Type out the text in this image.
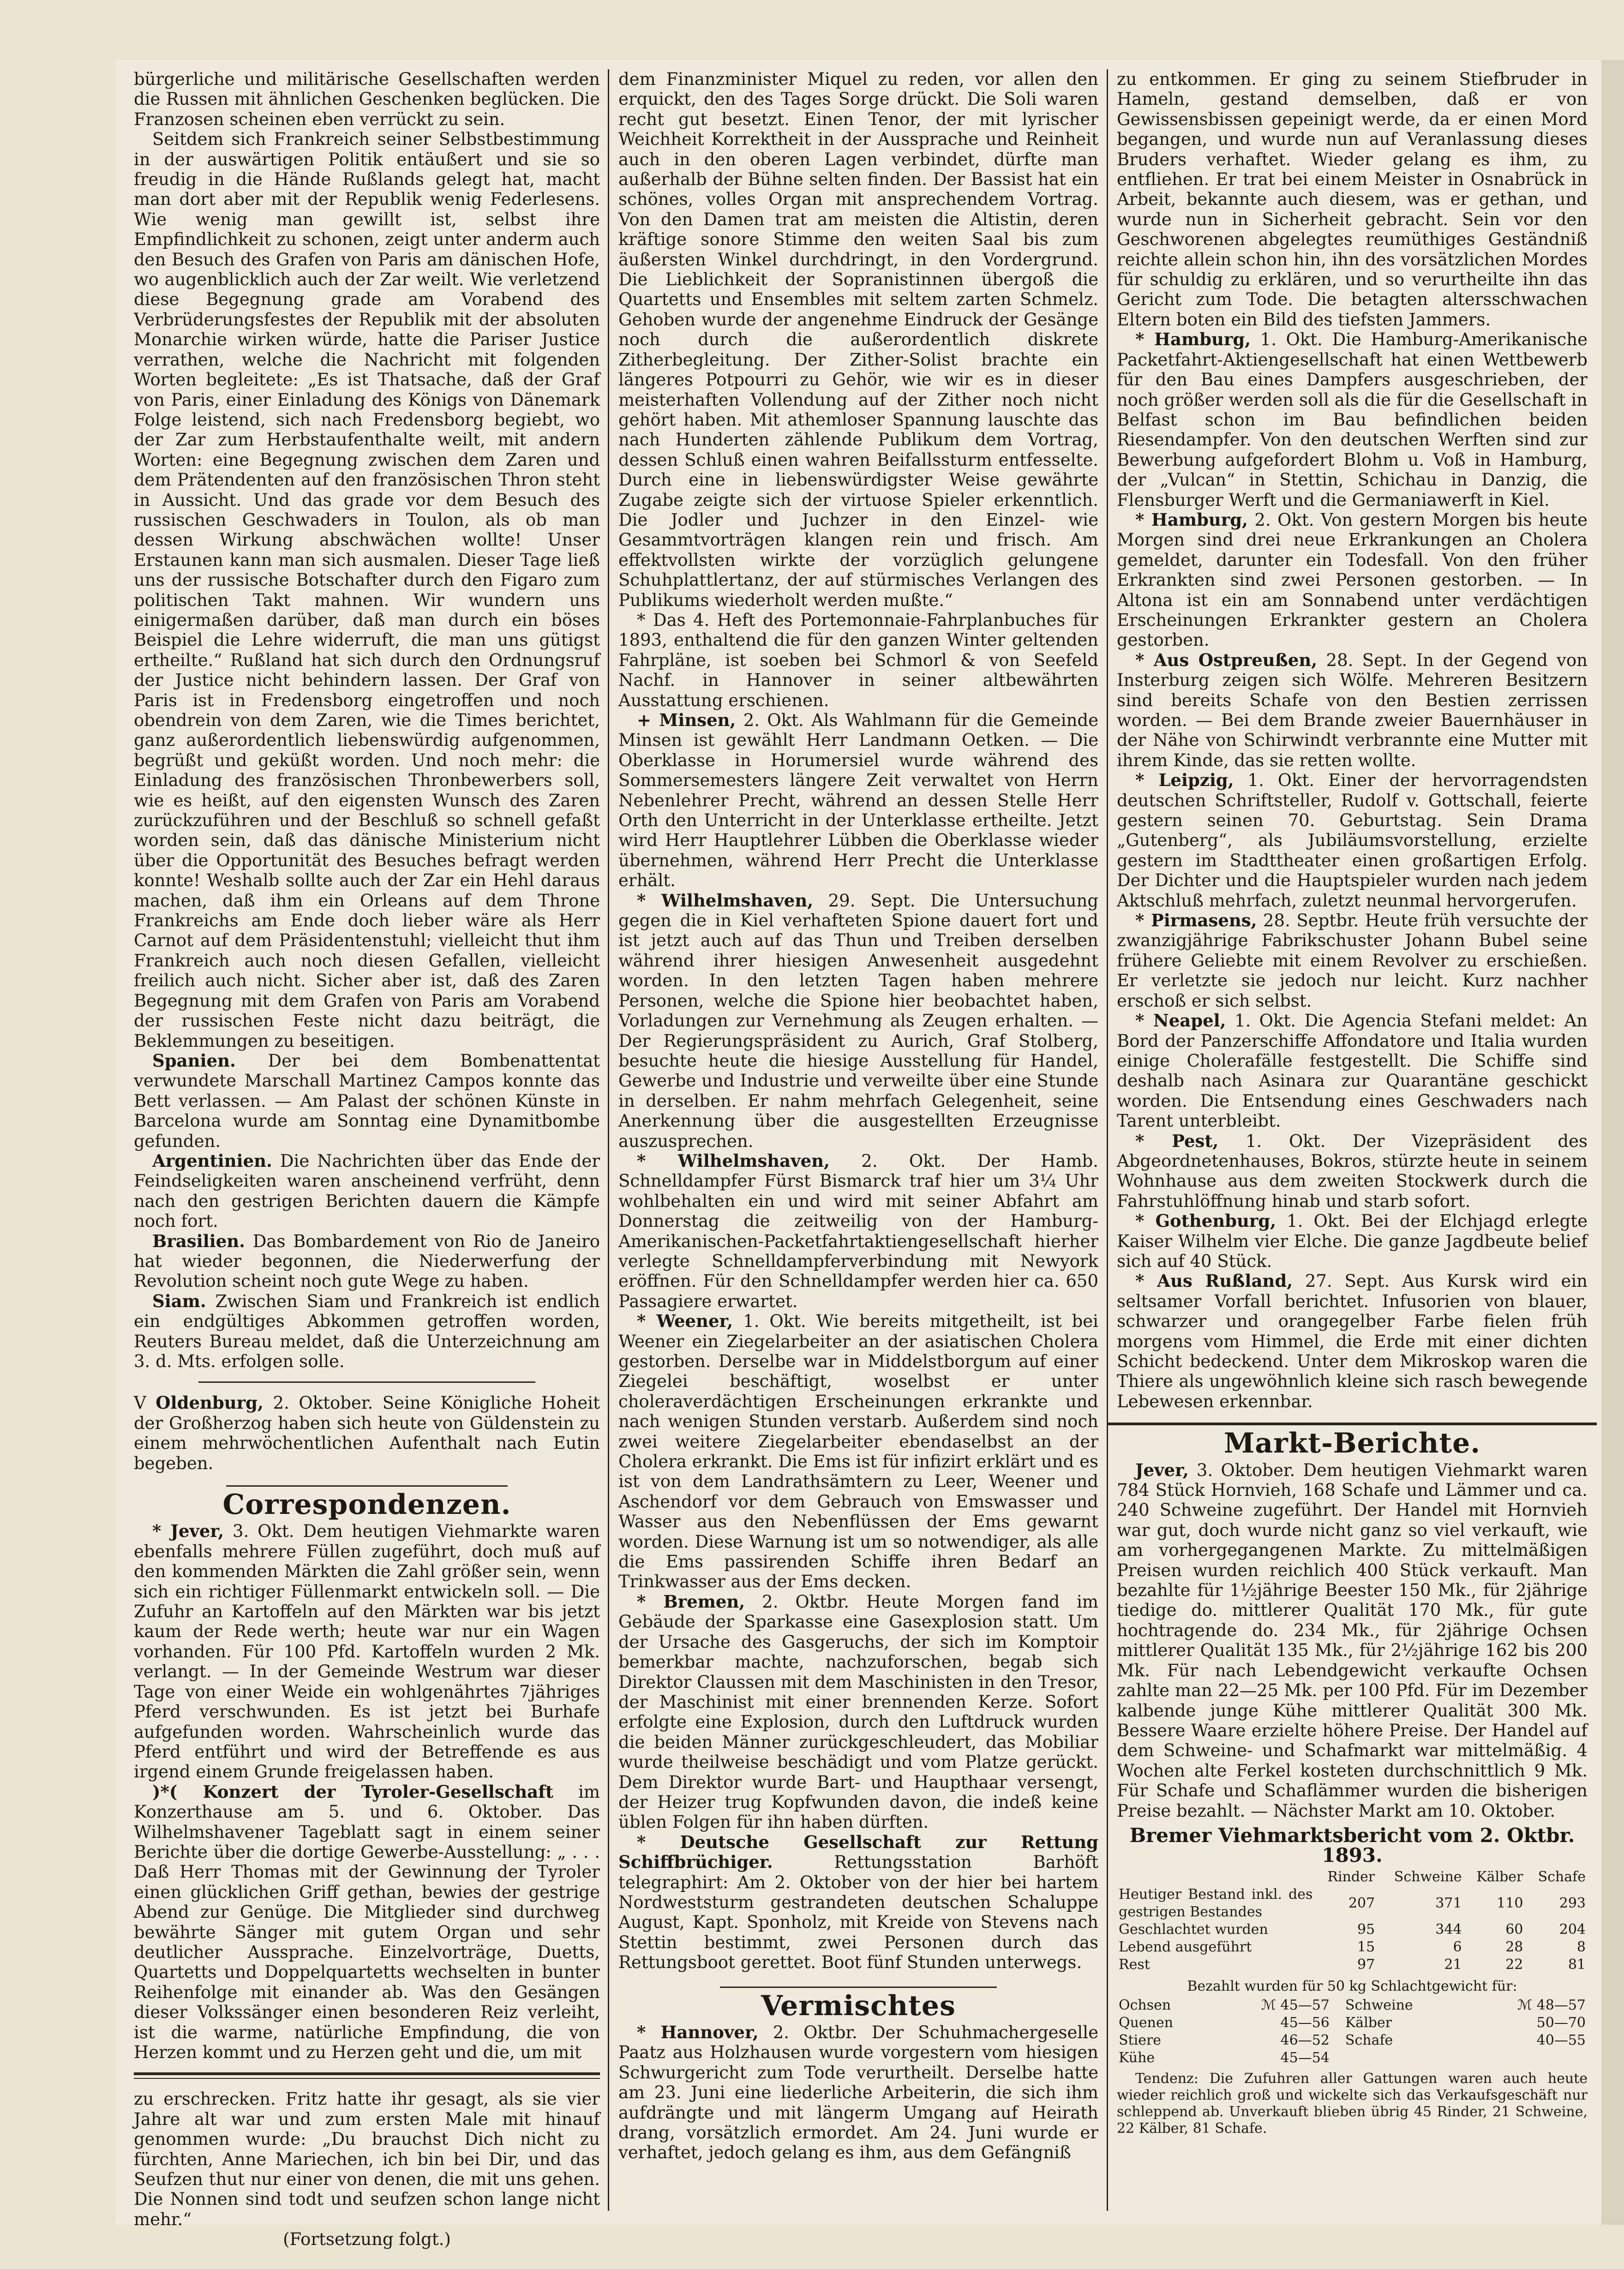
bürgerliche und militärische Gesellschaften werden die Russen mit ähnlichen Geschenken beglücken. Die Franzosen scheinen eben verrückt zu sein.

Seitdem sich Frankreich seiner Selbstbestimmung in der auswärtigen Politik entäußert und sie so freudig in die Hände Rußlands gelegt hat, macht man dort aber mit der Republik wenig Federlesens. Wie wenig man gewillt ist, selbst ihre Empfindlichkeit zu schonen, zeigt unter anderm auch den Besuch des Grafen von Paris am dänischen Hofe, wo augenblicklich auch der Zar weilt. Wie verletzend diese Begegnung grade am Vorabend des Verbrüderungsfestes der Republik mit der absoluten Monarchie wirken würde, hatte die Pariser Justice verrathen, welche die Nachricht mit folgenden Worten begleitete: „Es ist Thatsache, daß der Graf von Paris, einer Einladung des Königs von Dänemark Folge leistend, sich nach Fredensborg begiebt, wo der Zar zum Herbstaufenthalte weilt, mit andern Worten: eine Begegnung zwischen dem Zaren und dem Prätendenten auf den französischen Thron steht in Aussicht. Und das grade vor dem Besuch des russischen Geschwaders in Toulon, als ob man dessen Wirkung abschwächen wollte! Unser Erstaunen kann man sich ausmalen. Dieser Tage ließ uns der russische Botschafter durch den Figaro zum politischen Takt mahnen. Wir wundern uns einigermaßen darüber, daß man durch ein böses Beispiel die Lehre widerruft, die man uns gütigst ertheilte.“ Rußland hat sich durch den Ordnungsruf der Justice nicht behindern lassen. Der Graf von Paris ist in Fredensborg eingetroffen und noch obendrein von dem Zaren, wie die Times berichtet, ganz außerordentlich liebenswürdig aufgenommen, begrüßt und geküßt worden. Und noch mehr: die Einladung des französischen Thronbewerbers soll, wie es heißt, auf den eigensten Wunsch des Zaren zurückzuführen und der Beschluß so schnell gefaßt worden sein, daß das dänische Ministerium nicht über die Opportunität des Besuches befragt werden konnte! Weshalb sollte auch der Zar ein Hehl daraus machen, daß ihm ein Orleans auf dem Throne Frankreichs am Ende doch lieber wäre als Herr Carnot auf dem Präsidentenstuhl; vielleicht thut ihm Frankreich auch noch diesen Gefallen, vielleicht freilich auch nicht. Sicher aber ist, daß des Zaren Begegnung mit dem Grafen von Paris am Vorabend der russischen Feste nicht dazu beiträgt, die Beklemmungen zu beseitigen.

Spanien. Der bei dem Bombenattentat verwundete Marschall Martinez Campos konnte das Bett verlassen. — Am Palast der schönen Künste in Barcelona wurde am Sonntag eine Dynamitbombe gefunden.

Argentinien. Die Nachrichten über das Ende der Feindseligkeiten waren anscheinend verfrüht, denn nach den gestrigen Berichten dauern die Kämpfe noch fort.

Brasilien. Das Bombardement von Rio de Janeiro hat wieder begonnen, die Niederwerfung der Revolution scheint noch gute Wege zu haben.

Siam. Zwischen Siam und Frankreich ist endlich ein endgültiges Abkommen getroffen worden, Reuters Bureau meldet, daß die Unterzeichnung am 3. d. Mts. erfolgen solle.

V Oldenburg, 2. Oktober. Seine Königliche Hoheit der Großherzog haben sich heute von Güldenstein zu einem mehrwöchentlichen Aufenthalt nach Eutin begeben.

Correspondenzen.

* Jever, 3. Okt. Dem heutigen Viehmarkte waren ebenfalls mehrere Füllen zugeführt, doch muß auf den kommenden Märkten die Zahl größer sein, wenn sich ein richtiger Füllenmarkt entwickeln soll. — Die Zufuhr an Kartoffeln auf den Märkten war bis jetzt kaum der Rede werth; heute war nur ein Wagen vorhanden. Für 100 Pfd. Kartoffeln wurden 2 Mk. verlangt. — In der Gemeinde Westrum war dieser Tage von einer Weide ein wohlgenährtes 7jähriges Pferd verschwunden. Es ist jetzt bei Burhafe aufgefunden worden. Wahrscheinlich wurde das Pferd entführt und wird der Betreffende es aus irgend einem Grunde freigelassen haben.

)*( Konzert der Tyroler-Gesellschaft im Konzerthause am 5. und 6. Oktober. Das Wilhelmshavener Tageblatt sagt in einem seiner Berichte über die dortige Gewerbe-Ausstellung: „ . . . Daß Herr Thomas mit der Gewinnung der Tyroler einen glücklichen Griff gethan, bewies der gestrige Abend zur Genüge. Die Mitglieder sind durchweg bewährte Sänger mit gutem Organ und sehr deutlicher Aussprache. Einzelvorträge, Duetts, Quartetts und Doppelquartetts wechselten in bunter Reihenfolge mit einander ab. Was den Gesängen dieser Volkssänger einen besonderen Reiz verleiht, ist die warme, natürliche Empfindung, die von Herzen kommt und zu Herzen geht und die, um mit

zu erschrecken. Fritz hatte ihr gesagt, als sie vier Jahre alt war und zum ersten Male mit hinauf genommen wurde: „Du brauchst Dich nicht zu fürchten, Anne Mariechen, ich bin bei Dir, und das Seufzen thut nur einer von denen, die mit uns gehen. Die Nonnen sind todt und seufzen schon lange nicht mehr.“

(Fortsetzung folgt.)

dem Finanzminister Miquel zu reden, vor allen den erquickt, den des Tages Sorge drückt. Die Soli waren recht gut besetzt. Einen Tenor, der mit lyrischer Weichheit Korrektheit in der Aussprache und Reinheit auch in den oberen Lagen verbindet, dürfte man außerhalb der Bühne selten finden. Der Bassist hat ein schönes, volles Organ mit ansprechendem Vortrag. Von den Damen trat am meisten die Altistin, deren kräftige sonore Stimme den weiten Saal bis zum äußersten Winkel durchdringt, in den Vordergrund. Die Lieblichkeit der Sopranistinnen übergoß die Quartetts und Ensembles mit seltem zarten Schmelz. Gehoben wurde der angenehme Eindruck der Gesänge noch durch die außerordentlich diskrete Zitherbegleitung. Der Zither-Solist brachte ein längeres Potpourri zu Gehör, wie wir es in dieser meisterhaften Vollendung auf der Zither noch nicht gehört haben. Mit athemloser Spannung lauschte das nach Hunderten zählende Publikum dem Vortrag, dessen Schluß einen wahren Beifallssturm entfesselte. Durch eine in liebenswürdigster Weise gewährte Zugabe zeigte sich der virtuose Spieler erkenntlich. Die Jodler und Juchzer in den Einzel- wie Gesammtvorträgen klangen rein und frisch. Am effektvollsten wirkte der vorzüglich gelungene Schuhplattlertanz, der auf stürmisches Verlangen des Publikums wiederholt werden mußte.“

* Das 4. Heft des Portemonnaie-Fahrplanbuches für 1893, enthaltend die für den ganzen Winter geltenden Fahrpläne, ist soeben bei Schmorl & von Seefeld Nachf. in Hannover in seiner altbewährten Ausstattung erschienen.

+ Minsen, 2. Okt. Als Wahlmann für die Gemeinde Minsen ist gewählt Herr Landmann Oetken. — Die Oberklasse in Horumersiel wurde während des Sommersemesters längere Zeit verwaltet von Herrn Nebenlehrer Precht, während an dessen Stelle Herr Orth den Unterricht in der Unterklasse ertheilte. Jetzt wird Herr Hauptlehrer Lübben die Oberklasse wieder übernehmen, während Herr Precht die Unterklasse erhält.

* Wilhelmshaven, 29. Sept. Die Untersuchung gegen die in Kiel verhafteten Spione dauert fort und ist jetzt auch auf das Thun und Treiben derselben während ihrer hiesigen Anwesenheit ausgedehnt worden. In den letzten Tagen haben mehrere Personen, welche die Spione hier beobachtet haben, Vorladungen zur Vernehmung als Zeugen erhalten. — Der Regierungspräsident zu Aurich, Graf Stolberg, besuchte heute die hiesige Ausstellung für Handel, Gewerbe und Industrie und verweilte über eine Stunde in derselben. Er nahm mehrfach Gelegenheit, seine Anerkennung über die ausgestellten Erzeugnisse auszusprechen.

* Wilhelmshaven, 2. Okt. Der Hamb. Schnelldampfer Fürst Bismarck traf hier um 3¼ Uhr wohlbehalten ein und wird mit seiner Abfahrt am Donnerstag die zeitweilig von der Hamburg-Amerikanischen-Packetfahrtaktiengesellschaft hierher verlegte Schnelldampferverbindung mit Newyork eröffnen. Für den Schnelldampfer werden hier ca. 650 Passagiere erwartet.

* Weener, 1. Okt. Wie bereits mitgetheilt, ist bei Weener ein Ziegelarbeiter an der asiatischen Cholera gestorben. Derselbe war in Middelstborgum auf einer Ziegelei beschäftigt, woselbst er unter choleraverdächtigen Erscheinungen erkrankte und nach wenigen Stunden verstarb. Außerdem sind noch zwei weitere Ziegelarbeiter ebendaselbst an der Cholera erkrankt. Die Ems ist für infizirt erklärt und es ist von dem Landrathsämtern zu Leer, Weener und Aschendorf vor dem Gebrauch von Emswasser und Wasser aus den Nebenflüssen der Ems gewarnt worden. Diese Warnung ist um so notwendiger, als alle die Ems passirenden Schiffe ihren Bedarf an Trinkwasser aus der Ems decken.

* Bremen, 2. Oktbr. Heute Morgen fand im Gebäude der Sparkasse eine Gasexplosion statt. Um der Ursache des Gasgeruchs, der sich im Komptoir bemerkbar machte, nachzuforschen, begab sich Direktor Claussen mit dem Maschinisten in den Tresor, der Maschinist mit einer brennenden Kerze. Sofort erfolgte eine Explosion, durch den Luftdruck wurden die beiden Männer zurückgeschleudert, das Mobiliar wurde theilweise beschädigt und vom Platze gerückt. Dem Direktor wurde Bart- und Haupthaar versengt, der Heizer trug Kopfwunden davon, die indeß keine üblen Folgen für ihn haben dürften.

* Deutsche Gesellschaft zur Rettung Schiffbrüchiger.	Rettungsstation Barhöft telegraphirt: Am 2. Oktober von der hier bei hartem Nordweststurm gestrandeten deutschen Schaluppe August, Kapt. Sponholz, mit Kreide von Stevens nach Stettin bestimmt, zwei Personen durch das Rettungsboot gerettet. Boot fünf Stunden unterwegs.

Vermischtes

* Hannover, 2. Oktbr. Der Schuhmachergeselle Paatz aus Holzhausen wurde vorgestern vom hiesigen Schwurgericht zum Tode verurtheilt. Derselbe hatte am 23. Juni eine liederliche Arbeiterin, die sich ihm aufdrängte und mit längerm Umgang auf Heirath drang, vorsätzlich ermordet. Am 24. Juni wurde er verhaftet, jedoch gelang es ihm, aus dem Gefängniß

zu entkommen. Er ging zu seinem Stiefbruder in Hameln, gestand demselben, daß er von Gewissensbissen gepeinigt werde, da er einen Mord begangen, und wurde nun auf Veranlassung dieses Bruders verhaftet. Wieder gelang es ihm, zu entfliehen. Er trat bei einem Meister in Osnabrück in Arbeit, bekannte auch diesem, was er gethan, und wurde nun in Sicherheit gebracht. Sein vor den Geschworenen abgelegtes reumüthiges Geständniß reichte allein schon hin, ihn des vorsätzlichen Mordes für schuldig zu erklären, und so verurtheilte ihn das Gericht zum Tode. Die betagten altersschwachen Eltern boten ein Bild des tiefsten Jammers.

* Hamburg, 1. Okt. Die Hamburg-Amerikanische Packetfahrt-Aktiengesellschaft hat einen Wettbewerb für den Bau eines Dampfers ausgeschrieben, der noch größer werden soll als die für die Gesellschaft in Belfast schon im Bau befindlichen beiden Riesendampfer. Von den deutschen Werften sind zur Bewerbung aufgefordert Blohm u. Voß in Hamburg, der „Vulcan“ in Stettin, Schichau in Danzig, die Flensburger Werft und die Germaniawerft in Kiel.

* Hamburg, 2. Okt. Von gestern Morgen bis heute Morgen sind drei neue Erkrankungen an Cholera gemeldet, darunter ein Todesfall. Von den früher Erkrankten sind zwei Personen gestorben. — In Altona ist ein am Sonnabend unter verdächtigen Erscheinungen Erkrankter gestern an Cholera gestorben.

* Aus Ostpreußen, 28. Sept. In der Gegend von Insterburg zeigen sich Wölfe. Mehreren Besitzern sind bereits Schafe von den Bestien zerrissen worden. — Bei dem Brande zweier Bauernhäuser in der Nähe von Schirwindt verbrannte eine Mutter mit ihrem Kinde, das sie retten wollte.

* Leipzig, 1. Okt. Einer der hervorragendsten deutschen Schriftsteller, Rudolf v. Gottschall, feierte gestern seinen 70. Geburtstag. Sein Drama „Gutenberg“, als Jubiläumsvorstellung, erzielte gestern im Stadttheater einen großartigen Erfolg. Der Dichter und die Hauptspieler wurden nach jedem Aktschluß mehrfach, zuletzt neunmal hervorgerufen.

* Pirmasens, 28. Septbr. Heute früh versuchte der zwanzigjährige Fabrikschuster Johann Bubel seine frühere Geliebte mit einem Revolver zu erschießen. Er verletzte sie jedoch nur leicht. Kurz nachher erschoß er sich selbst.

* Neapel, 1. Okt. Die Agencia Stefani meldet: An Bord der Panzerschiffe Affondatore und Italia wurden einige Cholerafälle festgestellt. Die Schiffe sind deshalb nach Asinara zur Quarantäne geschickt worden. Die Entsendung eines Geschwaders nach Tarent unterbleibt.

* Pest, 1. Okt. Der Vizepräsident des Abgeordnetenhauses, Bokros, stürzte heute in seinem Wohnhause aus dem zweiten Stockwerk durch die Fahrstuhlöffnung hinab und starb sofort.

* Gothenburg, 1. Okt. Bei der Elchjagd erlegte Kaiser Wilhelm vier Elche. Die ganze Jagdbeute belief sich auf 40 Stück.

* Aus Rußland, 27. Sept. Aus Kursk wird ein seltsamer Vorfall berichtet. Infusorien von blauer, schwarzer und orangegelber Farbe fielen früh morgens vom Himmel, die Erde mit einer dichten Schicht bedeckend. Unter dem Mikroskop waren die Thiere als ungewöhnlich kleine sich rasch bewegende Lebewesen erkennbar.

Markt-Berichte.

Jever, 3. Oktober. Dem heutigen Viehmarkt waren 784 Stück Hornvieh, 168 Schafe und Lämmer und ca. 240 Schweine zugeführt. Der Handel mit Hornvieh war gut, doch wurde nicht ganz so viel verkauft, wie am vorhergegangenen Markte. Zu mittelmäßigen Preisen wurden reichlich 400 Stück verkauft. Man bezahlte für 1½jährige Beester 150 Mk., für 2jährige tiedige do. mittlerer Qualität 170 Mk., für gute hochtragende do. 234 Mk., für 2jährige Ochsen mittlerer Qualität 135 Mk., für 2½jährige 162 bis 200 Mk. Für nach Lebendgewicht verkaufte Ochsen zahlte man 22—25 Mk. per 100 Pfd. Für im Dezember kalbende junge Kühe mittlerer Qualität 300 Mk. Bessere Waare erzielte höhere Preise. Der Handel auf dem Schweine- und Schafmarkt war mittelmäßig. 4 Wochen alte Ferkel kosteten durchschnittlich 9 Mk. Für Schafe und Schaflämmer wurden die bisherigen Preise bezahlt. — Nächster Markt am 10. Oktober.

Bremer Viehmarktsbericht vom 2. Oktbr. 1893.
	Rinder	Schweine	Kälber	Schafe
Heutiger Bestand inkl. des gestrigen Bestandes	207	371	110	293
Geschlachtet wurden	95	344	60	204
Lebend ausgeführt	15	6	28	8
Rest	97	21	22	81
Bezahlt wurden für 50 kg Schlachtgewicht für:
Ochsen	ℳ 45—57	Schweine	ℳ 48—57
Quenen	45—56	Kälber	50—70
Stiere	46—52	Schafe	40—55
Kühe	45—54		

Tendenz: Die Zufuhren aller Gattungen waren auch heute wieder reichlich groß und wickelte sich das Verkaufsgeschäft nur schleppend ab. Unverkauft blieben übrig 45 Rinder, 21 Schweine, 22 Kälber, 81 Schafe.
